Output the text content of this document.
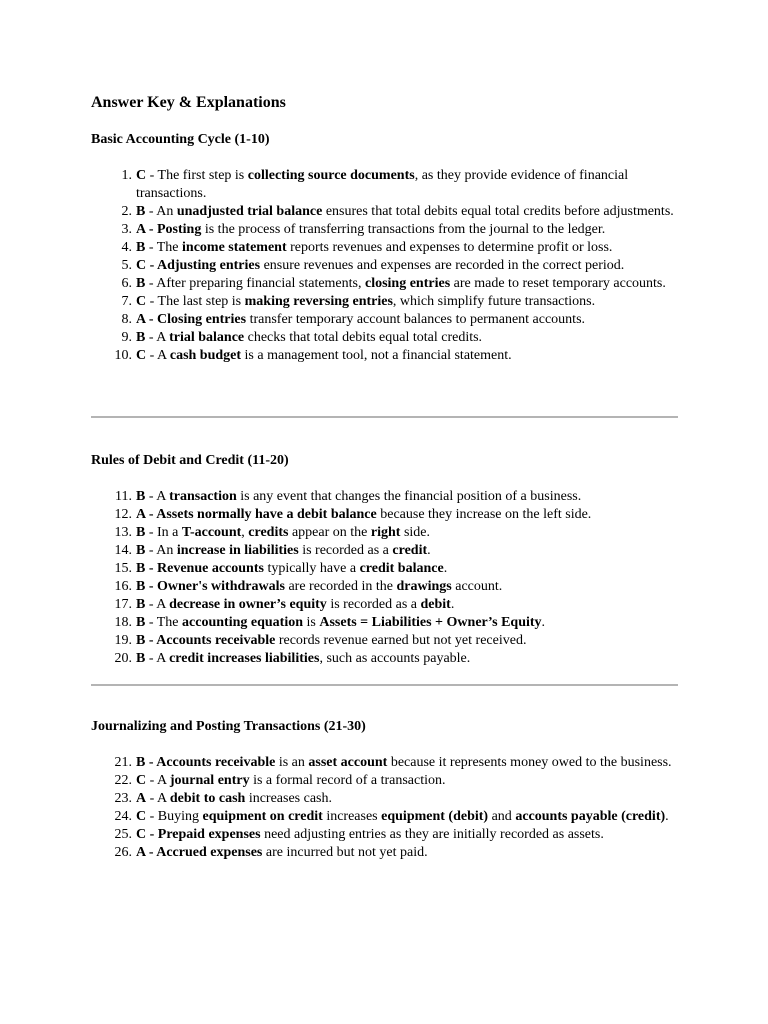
Answer Key & Explanations
Basic Accounting Cycle (1-10)
1. C - The first step is collecting source documents, as they provide evidence of financial transactions.
2. B - An unadjusted trial balance ensures that total debits equal total credits before adjustments.
3. A - Posting is the process of transferring transactions from the journal to the ledger.
4. B - The income statement reports revenues and expenses to determine profit or loss.
5. C - Adjusting entries ensure revenues and expenses are recorded in the correct period.
6. B - After preparing financial statements, closing entries are made to reset temporary accounts.
7. C - The last step is making reversing entries, which simplify future transactions.
8. A - Closing entries transfer temporary account balances to permanent accounts.
9. B - A trial balance checks that total debits equal total credits.
10. C - A cash budget is a management tool, not a financial statement.
Rules of Debit and Credit (11-20)
11. B - A transaction is any event that changes the financial position of a business.
12. A - Assets normally have a debit balance because they increase on the left side.
13. B - In a T-account, credits appear on the right side.
14. B - An increase in liabilities is recorded as a credit.
15. B - Revenue accounts typically have a credit balance.
16. B - Owner's withdrawals are recorded in the drawings account.
17. B - A decrease in owner’s equity is recorded as a debit.
18. B - The accounting equation is Assets = Liabilities + Owner’s Equity.
19. B - Accounts receivable records revenue earned but not yet received.
20. B - A credit increases liabilities, such as accounts payable.
Journalizing and Posting Transactions (21-30)
21. B - Accounts receivable is an asset account because it represents money owed to the business.
22. C - A journal entry is a formal record of a transaction.
23. A - A debit to cash increases cash.
24. C - Buying equipment on credit increases equipment (debit) and accounts payable (credit).
25. C - Prepaid expenses need adjusting entries as they are initially recorded as assets.
26. A - Accrued expenses are incurred but not yet paid.
